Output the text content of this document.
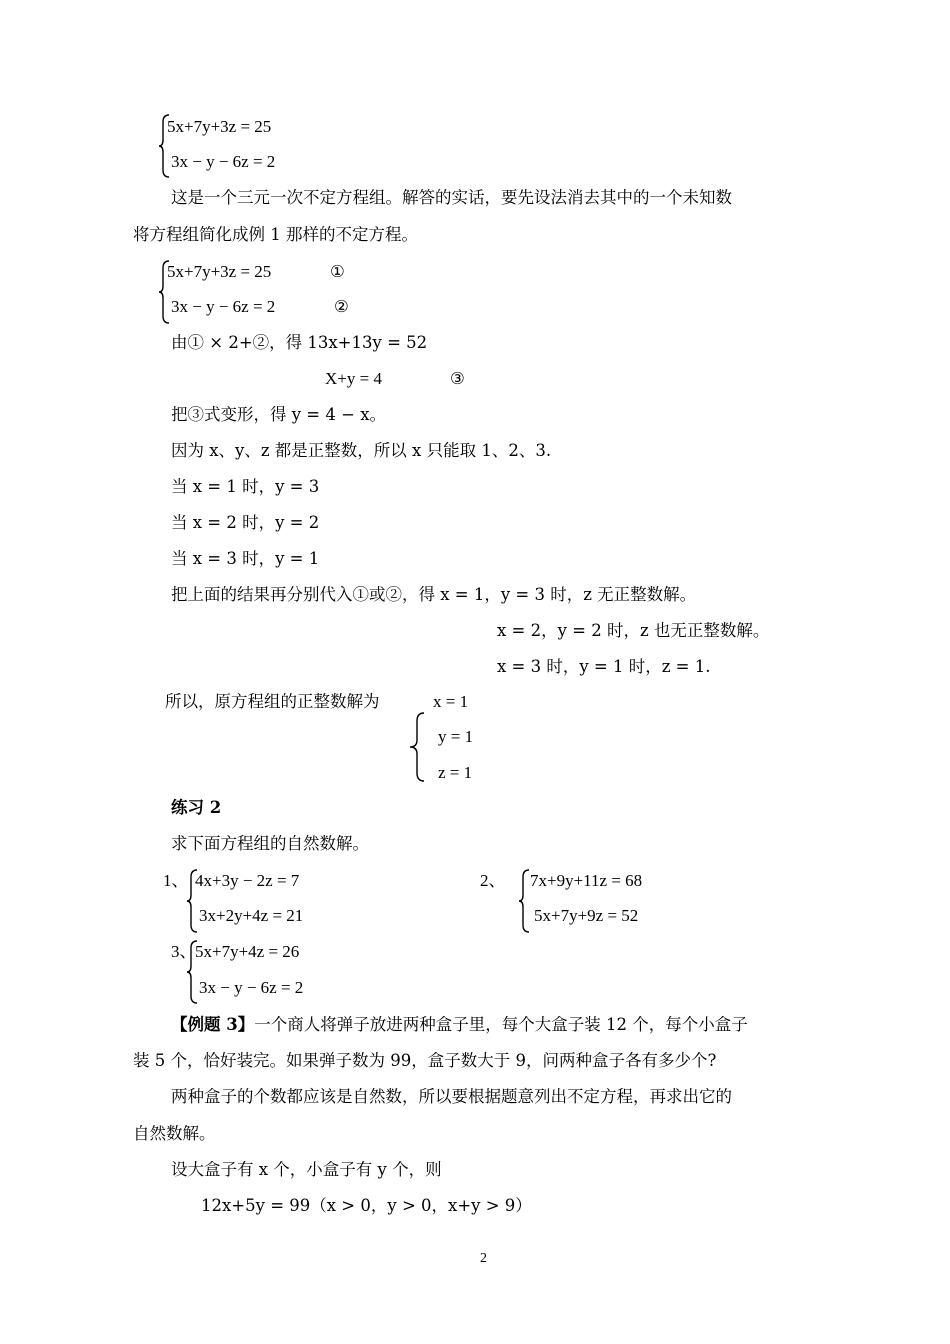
5x+7y+3z = 25
3x − y − 6z = 2
这是一个三元一次不定方程组。解答的实话，要先设法消去其中的一个未知数
将方程组简化成例 1 那样的不定方程。
5x+7y+3z = 25	①
3x − y − 6z = 2	②
由① × 2+②，得 13x+13y = 52
X+y = 4	③
把③式变形，得 y = 4 − x。
因为 x、y、z 都是正整数，所以 x 只能取 1、2、3.
当 x = 1 时，y = 3
当 x = 2 时，y = 2
当 x = 3 时，y = 1
把上面的结果再分别代入①或②，得 x = 1，y = 3 时，z 无正整数解。
x = 2，y = 2 时，z 也无正整数解。
x = 3 时，y = 1 时，z = 1.
所以，原方程组的正整数解为	x = 1
y = 1
z = 1
练习 2
求下面方程组的自然数解。
1、 4x+3y − 2z = 7
3x+2y+4z = 21
2、 7x+9y+11z = 68
5x+7y+9z = 52
3、
5x+7y+4z = 26
3x − y − 6z = 2
【例题 3】一个商人将弹子放进两种盒子里，每个大盒子装 12 个，每个小盒子
装 5 个，恰好装完。如果弹子数为 99，盒子数大于 9，问两种盒子各有多少个?
两种盒子的个数都应该是自然数，所以要根据题意列出不定方程，再求出它的
自然数解。
设大盒子有 x 个，小盒子有 y 个，则
12x+5y = 99（x > 0，y > 0，x+y > 9）
2
